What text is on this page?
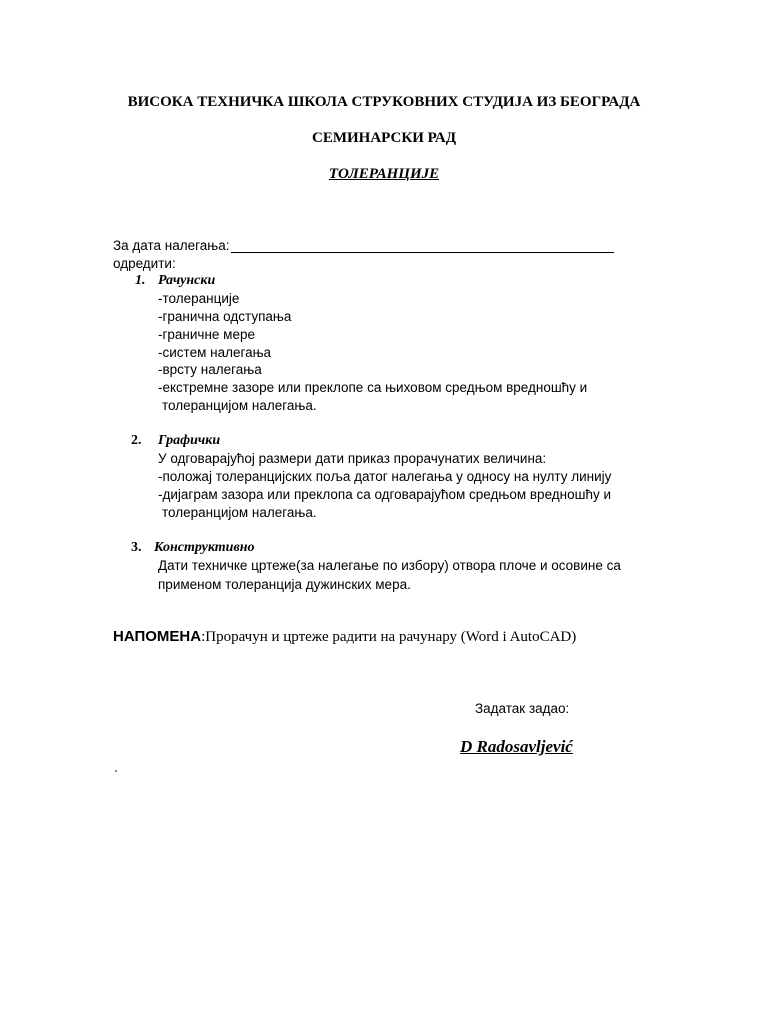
ВИСОКА ТЕХНИЧКА ШКОЛА СТРУКОВНИХ СТУДИЈА ИЗ БЕОГРАДА
СЕМИНАРСКИ РАД
ТОЛЕРАНЦИЈЕ
За дата налегања:
одредити:
1. Рачунски
-толеранције
-гранична одступања
-граничне мере
-систем налегања
-врсту налегања
-екстремне зазоре или преклопе са њиховом средњом вредношћу и
толеранцијом налегања.
2. Графички
У одговарајућој размери дати приказ прорачунатих величина:
-положај толеранцијских поља датог налегања у односу на нулту линију
-дијаграм зазора или преклопа са одговарајућом средњом вредношћу и
толеранцијом налегања.
3. Конструктивно
Дати техничке цртеже(за налегање по избору) отвора плоче и осовине са
применом толеранција дужинских мера.
НАПОМЕНА:Прорачун и цртеже радити на рачунару (Word i AutoCAD)
Задатак задао:
D Radosavljević
